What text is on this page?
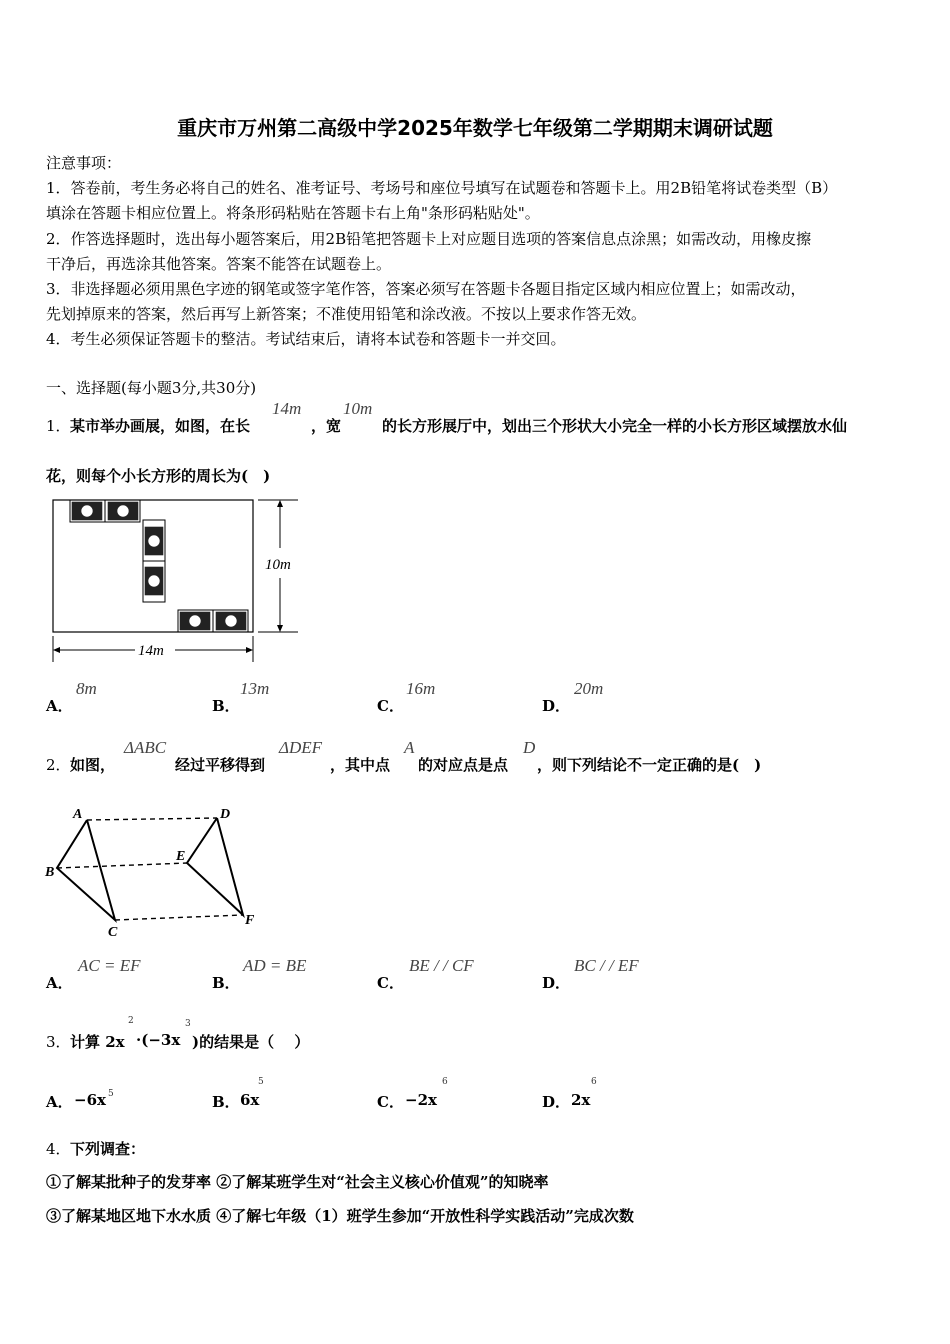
重庆市万州第二高级中学2025年数学七年级第二学期期末调研试题
注意事项：
1．答卷前，考生务必将自己的姓名、准考证号、考场号和座位号填写在试题卷和答题卡上。用2B铅笔将试卷类型（B）
填涂在答题卡相应位置上。将条形码粘贴在答题卡右上角"条形码粘贴处"。
2．作答选择题时，选出每小题答案后，用2B铅笔把答题卡上对应题目选项的答案信息点涂黑；如需改动，用橡皮擦
干净后，再选涂其他答案。答案不能答在试题卷上。
3．非选择题必须用黑色字迹的钢笔或签字笔作答，答案必须写在答题卡各题目指定区域内相应位置上；如需改动，
先划掉原来的答案，然后再写上新答案；不准使用铅笔和涂改液。不按以上要求作答无效。
4．考生必须保证答题卡的整洁。考试结束后，请将本试卷和答题卡一并交回。
一、选择题(每小题3分,共30分)
1． 某市举办画展，如图，在长
14m
，宽
10m
的长方形展厅中，划出三个形状大小完全一样的小长方形区域摆放水仙
花，则每个小长方形的周长为(　)
14m
10m
A．
8m
B．
13m
C．
16m
D．
20m
2． 如图，
ΔABC
经过平移得到
ΔDEF
，其中点
A
的对应点是点
D
，则下列结论不一定正确的是(　)
A
B
C
D
E
F
A．
AC = EF
B．
AD = BE
C．
BE / / CF
D．
BC / / EF
3． 计算 2x
2
·(−3x
3
)的结果是（　 ）
A． −6x 5	B． 6x
5
C． −2x
6
D． 2x
6
4． 下列调查：
①了解某批种子的发芽率 ②了解某班学生对“社会主义核心价值观”的知晓率
③了解某地区地下水水质 ④了解七年级（1）班学生参加“开放性科学实践活动”完成次数
